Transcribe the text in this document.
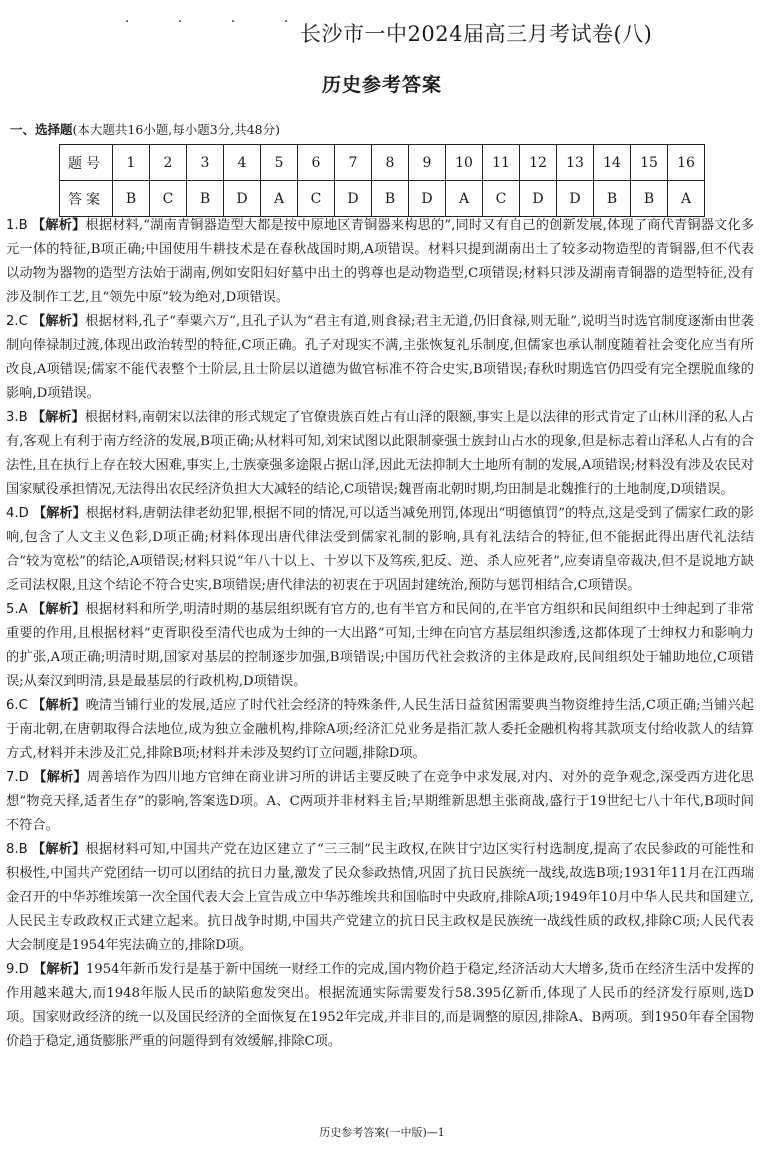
· · · ·
长沙市一中2024届高三月考试卷(八)
历史参考答案
一、选择题(本大题共16小题,每小题3分,共48分)
题号	1	2	3	4	5	6	7	8	9	10	11	12	13	14	15	16
答案	B	C	B	D	A	C	D	B	D	A	C	D	D	B	B	A

1.B 【解析】根据材料,“湖南青铜器造型大都是按中原地区青铜器来构思的”,同时又有自己的创新发展,体现了商代青铜器文化多元一体的特征,B项正确;中国使用牛耕技术是在春秋战国时期,A项错误。材料只提到湖南出土了较多动物造型的青铜器,但不代表以动物为器物的造型方法始于湖南,例如安阳妇好墓中出土的鸮尊也是动物造型,C项错误;材料只涉及湖南青铜器的造型特征,没有涉及制作工艺,且“领先中原”较为绝对,D项错误。

2.C 【解析】根据材料,孔子“奉粟六万”,且孔子认为“君主有道,则食禄;君主无道,仍旧食禄,则无耻”,说明当时选官制度逐渐由世袭制向俸禄制过渡,体现出政治转型的特征,C项正确。孔子对现实不满,主张恢复礼乐制度,但儒家也承认制度随着社会变化应当有所改良,A项错误;儒家不能代表整个士阶层,且士阶层以道德为做官标准不符合史实,B项错误;春秋时期选官仍四受有完全摆脱血缘的影响,D项错误。

3.B 【解析】根据材料,南朝宋以法律的形式规定了官僚贵族百姓占有山泽的限额,事实上是以法律的形式肯定了山林川泽的私人占有,客观上有利于南方经济的发展,B项正确;从材料可知,刘宋试图以此限制豪强士族封山占水的现象,但是标志着山泽私人占有的合法性,且在执行上存在较大困难,事实上,士族豪强多途限占据山泽,因此无法抑制大土地所有制的发展,A项错误;材料没有涉及农民对国家赋役承担情况,无法得出农民经济负担大大减轻的结论,C项错误;魏晋南北朝时期,均田制是北魏推行的土地制度,D项错误。

4.D 【解析】根据材料,唐朝法律老幼犯罪,根据不同的情况,可以适当减免刑罚,体现出“明德慎罚”的特点,这是受到了儒家仁政的影响,包含了人文主义色彩,D项正确;材料体现出唐代律法受到儒家礼制的影响,具有礼法结合的特征,但不能据此得出唐代礼法结合“较为宽松”的结论,A项错误;材料只说“年八十以上、十岁以下及笃疾,犯反、逆、杀人应死者”,应奏请皇帝裁决,但不是说地方缺乏司法权限,且这个结论不符合史实,B项错误;唐代律法的初衷在于巩固封建统治,预防与惩罚相结合,C项错误。

5.A 【解析】根据材料和所学,明清时期的基层组织既有官方的,也有半官方和民间的,在半官方组织和民间组织中士绅起到了非常重要的作用,且根据材料“吏胥职役至清代也成为士绅的一大出路”可知,士绅在向官方基层组织渗透,这都体现了士绅权力和影响力的扩张,A项正确;明清时期,国家对基层的控制逐步加强,B项错误;中国历代社会救济的主体是政府,民间组织处于辅助地位,C项错误;从秦汉到明清,县是最基层的行政机构,D项错误。

6.C 【解析】晚清当铺行业的发展,适应了时代社会经济的特殊条件,人民生活日益贫困需要典当物资维持生活,C项正确;当铺兴起于南北朝,在唐朝取得合法地位,成为独立金融机构,排除A项;经济汇兑业务是指汇款人委托金融机构将其款项支付给收款人的结算方式,材料并未涉及汇兑,排除B项;材料并未涉及契约订立问题,排除D项。

7.D 【解析】周善培作为四川地方官绅在商业讲习所的讲话主要反映了在竞争中求发展,对内、对外的竞争观念,深受西方进化思想“物竞天择,适者生存”的影响,答案选D项。A、C两项并非材料主旨;早期维新思想主张商战,盛行于19世纪七八十年代,B项时间不符合。

8.B 【解析】根据材料可知,中国共产党在边区建立了“三三制”民主政权,在陕甘宁边区实行村选制度,提高了农民参政的可能性和积极性,中国共产党团结一切可以团结的抗日力量,激发了民众参政热情,巩固了抗日民族统一战线,故选B项;1931年11月在江西瑞金召开的中华苏维埃第一次全国代表大会上宣告成立中华苏维埃共和国临时中央政府,排除A项;1949年10月中华人民共和国建立,人民民主专政政权正式建立起来。抗日战争时期,中国共产党建立的抗日民主政权是民族统一战线性质的政权,排除C项;人民代表大会制度是1954年宪法确立的,排除D项。

9.D 【解析】1954年新币发行是基于新中国统一财经工作的完成,国内物价趋于稳定,经济活动大大增多,货币在经济生活中发挥的作用越来越大,而1948年版人民币的缺陷愈发突出。根据流通实际需要发行58.395亿新币,体现了人民币的经济发行原则,选D项。国家财政经济的统一以及国民经济的全面恢复在1952年完成,并非目的,而是调整的原因,排除A、B两项。到1950年春全国物价趋于稳定,通货膨胀严重的问题得到有效缓解,排除C项。

历史参考答案(一中版)—1
